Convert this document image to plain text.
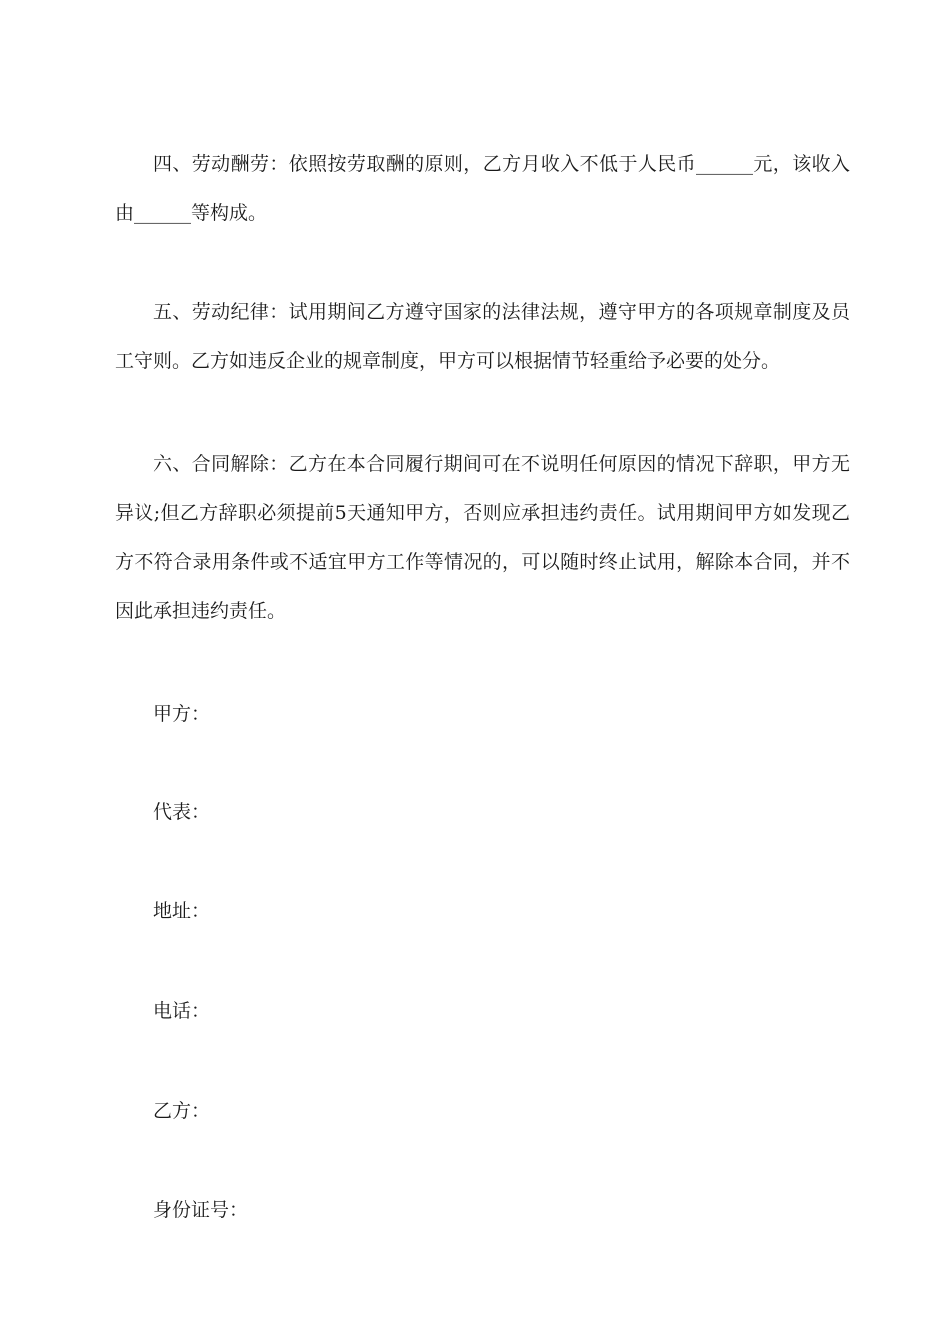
四、劳动酬劳：依照按劳取酬的原则，乙方月收入不低于人民币______元，该收入由______等构成。

五、劳动纪律：试用期间乙方遵守国家的法律法规，遵守甲方的各项规章制度及员工守则。乙方如违反企业的规章制度，甲方可以根据情节轻重给予必要的处分。

六、合同解除：乙方在本合同履行期间可在不说明任何原因的情况下辞职，甲方无异议;但乙方辞职必须提前5天通知甲方，否则应承担违约责任。试用期间甲方如发现乙方不符合录用条件或不适宜甲方工作等情况的，可以随时终止试用，解除本合同，并不因此承担违约责任。

甲方：

代表：

地址：

电话：

乙方：

身份证号：
